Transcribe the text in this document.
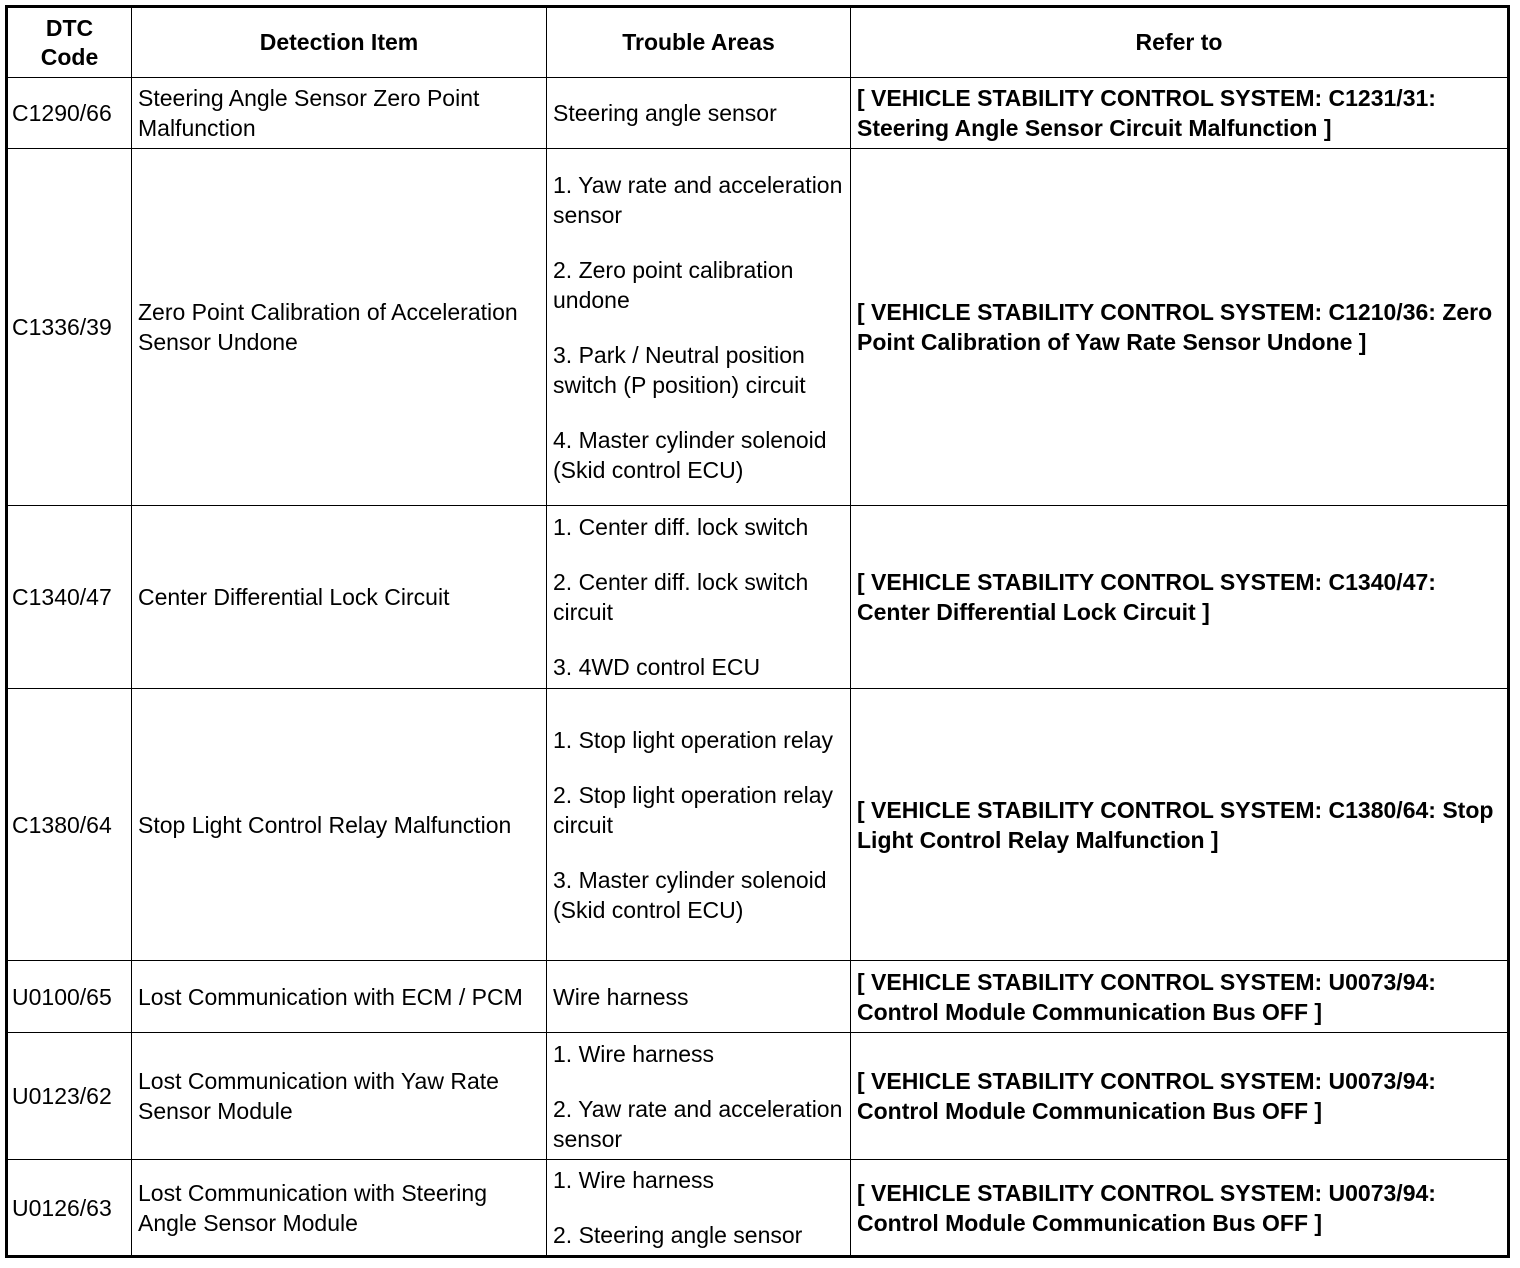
DTC
Code	Detection Item	Trouble Areas	Refer to
C1290/66	Steering Angle Sensor Zero Point Malfunction	Steering angle sensor	[ VEHICLE STABILITY CONTROL SYSTEM: C1231/31: Steering Angle Sensor Circuit Malfunction ]
C1336/39	Zero Point Calibration of Acceleration Sensor Undone	1. Yaw rate and acceleration sensor
2. Zero point calibration undone
3. Park / Neutral position switch (P position) circuit
4. Master cylinder solenoid (Skid control ECU)	[ VEHICLE STABILITY CONTROL SYSTEM: C1210/36: Zero Point Calibration of Yaw Rate Sensor Undone ]
C1340/47	Center Differential Lock Circuit	1. Center diff. lock switch
2. Center diff. lock switch circuit
3. 4WD control ECU	[ VEHICLE STABILITY CONTROL SYSTEM: C1340/47: Center Differential Lock Circuit ]
C1380/64	Stop Light Control Relay Malfunction	1. Stop light operation relay
2. Stop light operation relay circuit
3. Master cylinder solenoid (Skid control ECU)	[ VEHICLE STABILITY CONTROL SYSTEM: C1380/64: Stop Light Control Relay Malfunction ]
U0100/65	Lost Communication with ECM / PCM	Wire harness	[ VEHICLE STABILITY CONTROL SYSTEM: U0073/94: Control Module Communication Bus OFF ]
U0123/62	Lost Communication with Yaw Rate Sensor Module	1. Wire harness
2. Yaw rate and acceleration sensor	[ VEHICLE STABILITY CONTROL SYSTEM: U0073/94: Control Module Communication Bus OFF ]
U0126/63	Lost Communication with Steering Angle Sensor Module	1. Wire harness
2. Steering angle sensor	[ VEHICLE STABILITY CONTROL SYSTEM: U0073/94: Control Module Communication Bus OFF ]
